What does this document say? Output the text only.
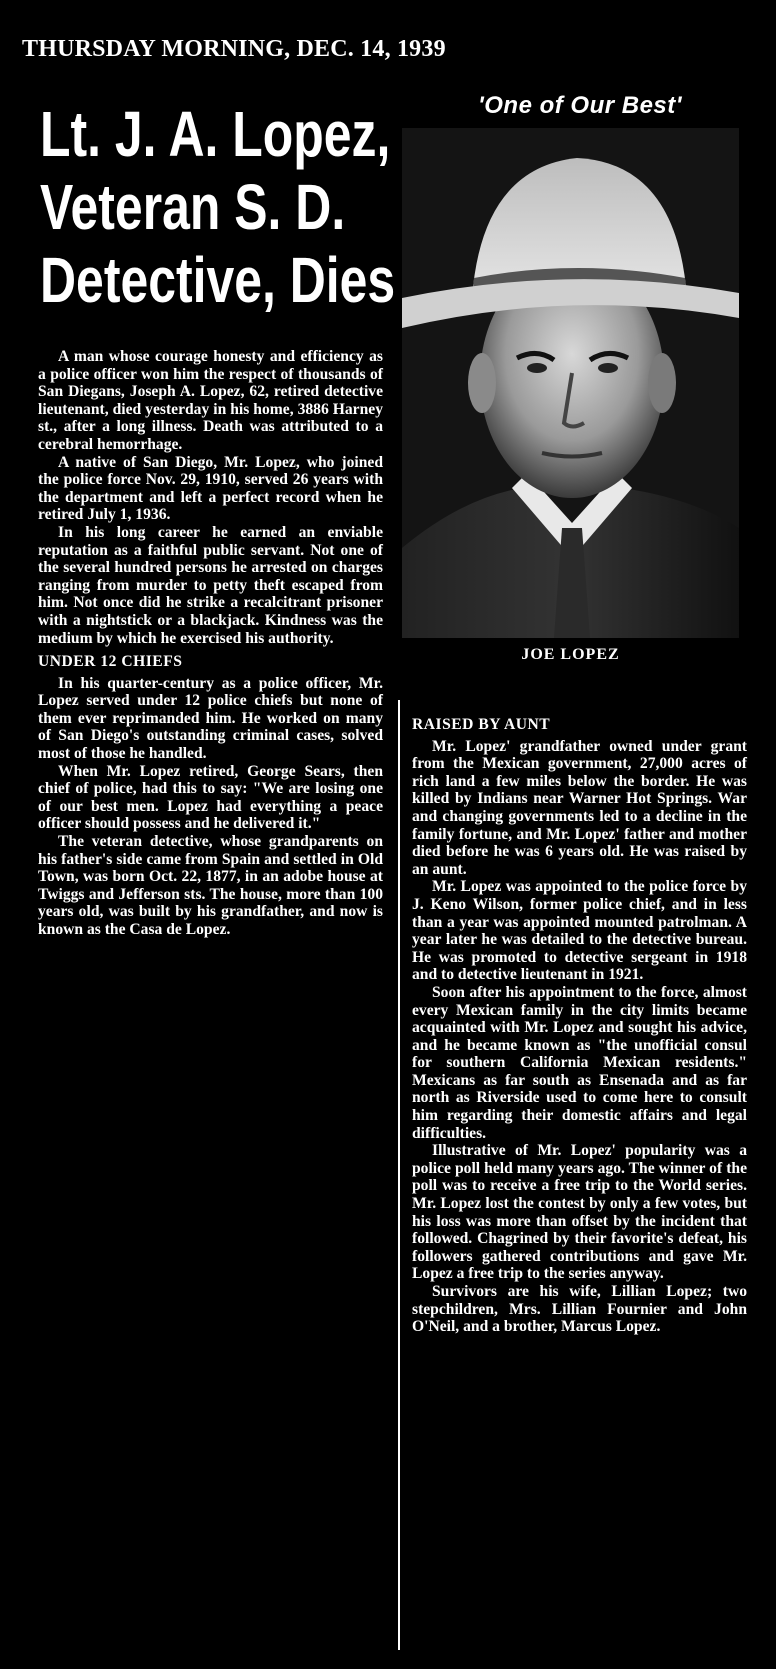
THURSDAY MORNING, DEC. 14, 1939
Lt. J. A. Lopez,
Veteran S. D.
Detective, Dies
'One of Our Best'
JOE LOPEZ

A man whose courage honesty and efficiency as a police officer won him the respect of thousands of San Diegans, Joseph A. Lopez, 62, retired detective lieutenant, died yesterday in his home, 3886 Harney st., after a long illness. Death was attributed to a cerebral hemorrhage.

A native of San Diego, Mr. Lopez, who joined the police force Nov. 29, 1910, served 26 years with the department and left a perfect record when he retired July 1, 1936.

In his long career he earned an enviable reputation as a faithful public servant. Not one of the several hundred persons he arrested on charges ranging from murder to petty theft escaped from him. Not once did he strike a recalcitrant prisoner with a nightstick or a blackjack. Kindness was the medium by which he exercised his authority.

UNDER 12 CHIEFS

In his quarter-century as a police officer, Mr. Lopez served under 12 police chiefs but none of them ever reprimanded him. He worked on many of San Diego's outstanding criminal cases, solved most of those he handled.

When Mr. Lopez retired, George Sears, then chief of police, had this to say: "We are losing one of our best men. Lopez had everything a peace officer should possess and he delivered it."

The veteran detective, whose grandparents on his father's side came from Spain and settled in Old Town, was born Oct. 22, 1877, in an adobe house at Twiggs and Jefferson sts. The house, more than 100 years old, was built by his grandfather, and now is known as the Casa de Lopez.

RAISED BY AUNT

Mr. Lopez' grandfather owned under grant from the Mexican government, 27,000 acres of rich land a few miles below the border. He was killed by Indians near Warner Hot Springs. War and changing governments led to a decline in the family fortune, and Mr. Lopez' father and mother died before he was 6 years old. He was raised by an aunt.

Mr. Lopez was appointed to the police force by J. Keno Wilson, former police chief, and in less than a year was appointed mounted patrolman. A year later he was detailed to the detective bureau. He was promoted to detective sergeant in 1918 and to detective lieutenant in 1921.

Soon after his appointment to the force, almost every Mexican family in the city limits became acquainted with Mr. Lopez and sought his advice, and he became known as "the unofficial consul for southern California Mexican residents." Mexicans as far south as Ensenada and as far north as Riverside used to come here to consult him regarding their domestic affairs and legal difficulties.

Illustrative of Mr. Lopez' popularity was a police poll held many years ago. The winner of the poll was to receive a free trip to the World series. Mr. Lopez lost the contest by only a few votes, but his loss was more than offset by the incident that followed. Chagrined by their favorite's defeat, his followers gathered contributions and gave Mr. Lopez a free trip to the series anyway.

Survivors are his wife, Lillian Lopez; two stepchildren, Mrs. Lillian Fournier and John O'Neil, and a brother, Marcus Lopez.
